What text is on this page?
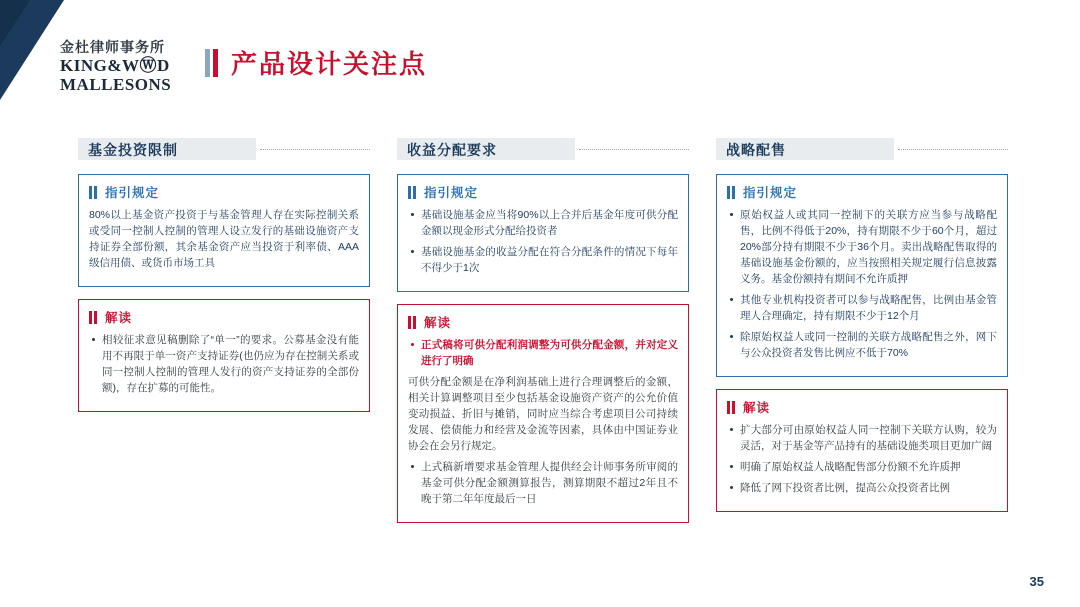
金杜律师事务所
KING&WⓌD
MALLESONS
产品设计关注点
基金投资限制
指引规定

80%以上基金资产投资于与基金管理人存在实际控制关系或受同一控制人控制的管理人设立发行的基础设施资产支持证券全部份额，其余基金资产应当投资于利率债、AAA级信用债、或货币市场工具

解读
相较征求意见稿删除了“单一”的要求。公募基金没有能用不再限于单一资产支持证券(也仍应为存在控制关系或同一控制人控制的管理人发行的资产支持证券的全部份额)，存在扩募的可能性。
收益分配要求
指引规定
基础设施基金应当将90%以上合并后基金年度可供分配金额以现金形式分配给投资者
基础设施基金的收益分配在符合分配条件的情况下每年不得少于1次
解读
正式稿将可供分配利润调整为可供分配金额，并对定义进行了明确

可供分配金额是在净利润基础上进行合理调整后的金额，相关计算调整项目至少包括基金设施资产资产的公允价值变动损益、折旧与摊销，同时应当综合考虑项目公司持续发展、偿债能力和经营及金流等因素，具体由中国证券业协会在会另行规定。

上式稿新增要求基金管理人提供经会计师事务所审阅的基金可供分配金额测算报告，测算期限不超过2年且不晚于第二年年度最后一日
战略配售
指引规定
原始权益人或其同一控制下的关联方应当参与战略配售，比例不得低于20%，持有期限不少于60个月，超过20%部分持有期限不少于36个月。卖出战略配售取得的基础设施基金份额的，应当按照相关规定履行信息披露义务。基金份额持有期间不允许质押
其他专业机构投资者可以参与战略配售，比例由基金管理人合理确定，持有期限不少于12个月
除原始权益人或同一控制的关联方战略配售之外，网下与公众投资者发售比例应不低于70%
解读
扩大部分可由原始权益人同一控制下关联方认购，较为灵活，对于基金等产品持有的基础设施类项目更加广阔
明确了原始权益人战略配售部分份额不允许质押
降低了网下投资者比例，提高公众投资者比例
35
